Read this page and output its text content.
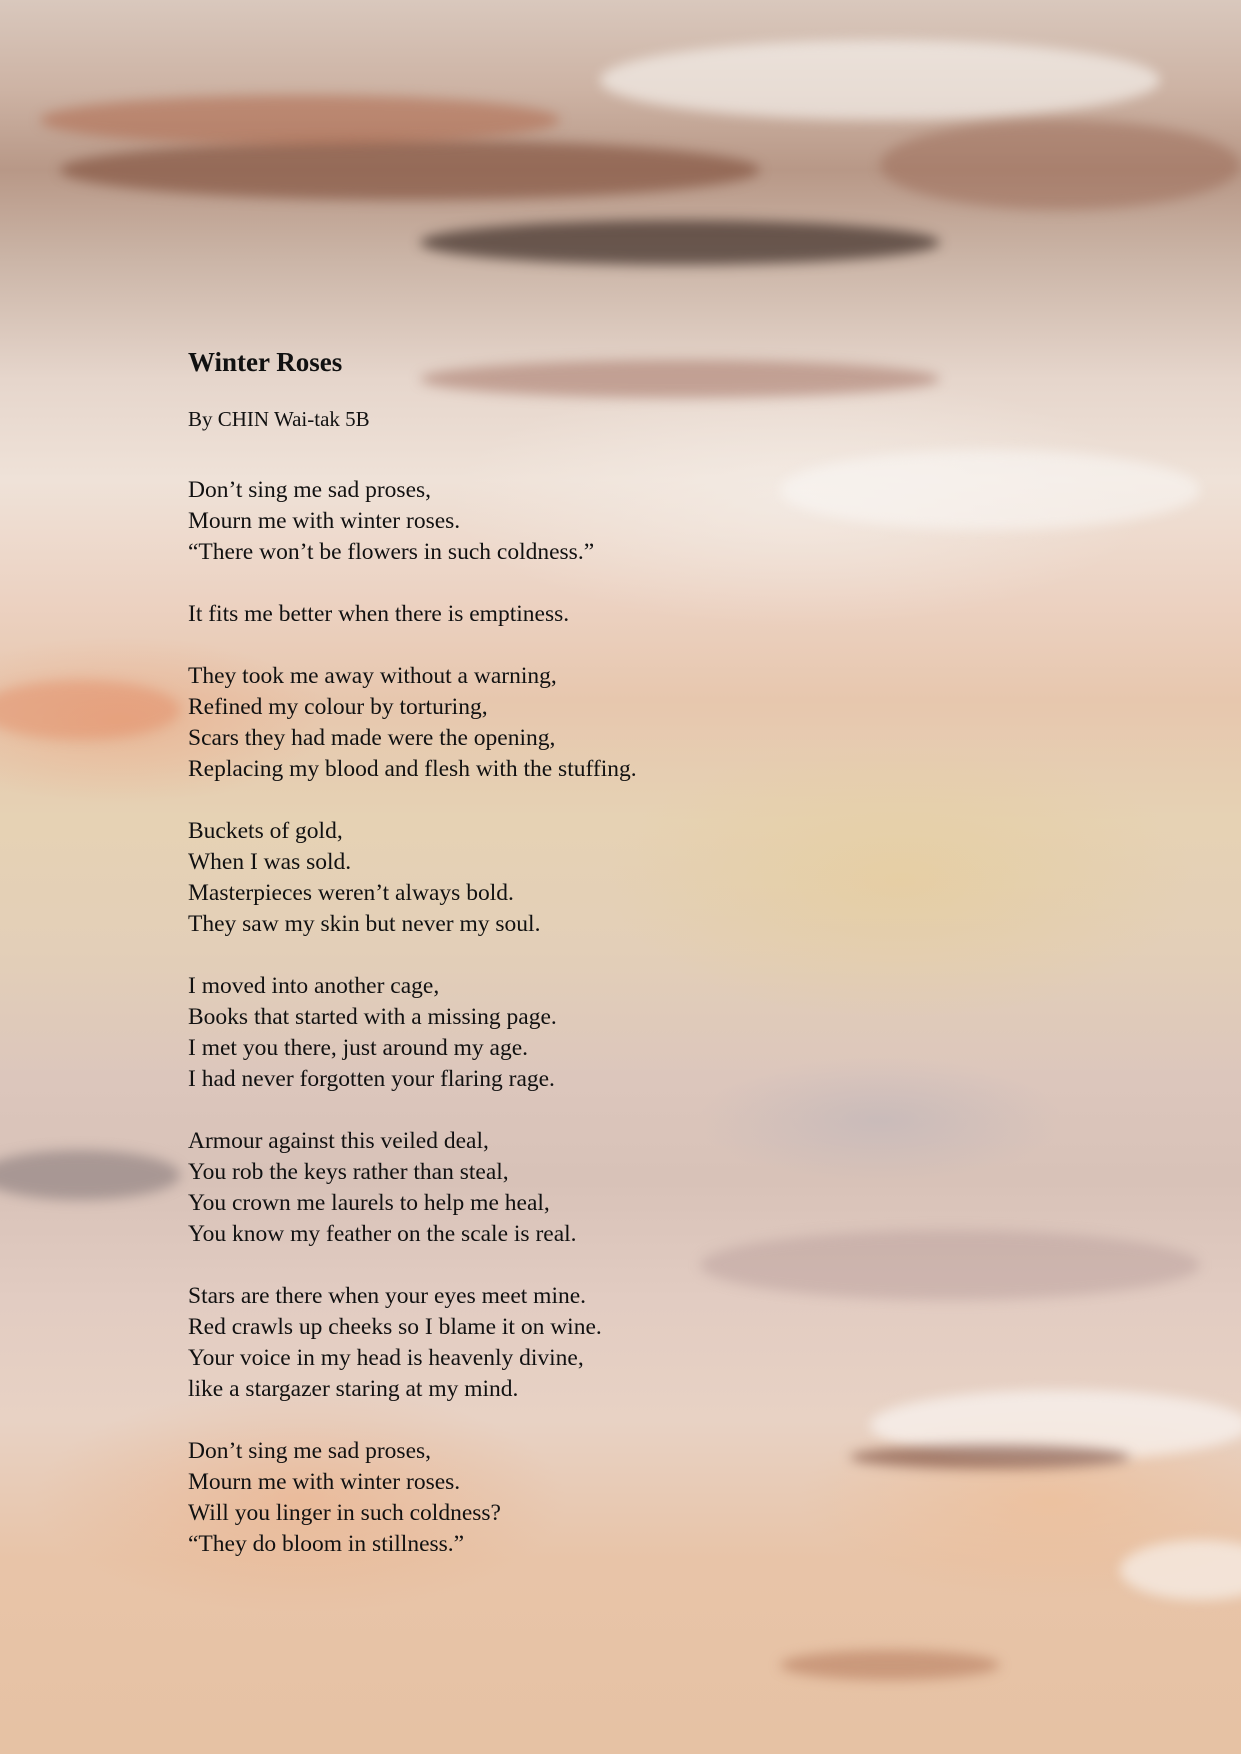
Winter Roses
By CHIN Wai-tak 5B
Don’t sing me sad proses,
Mourn me with winter roses.
“There won’t be flowers in such coldness.”
It fits me better when there is emptiness.
They took me away without a warning,
Refined my colour by torturing,
Scars they had made were the opening,
Replacing my blood and flesh with the stuffing.
Buckets of gold,
When I was sold.
Masterpieces weren’t always bold.
They saw my skin but never my soul.
I moved into another cage,
Books that started with a missing page.
I met you there, just around my age.
I had never forgotten your flaring rage.
Armour against this veiled deal,
You rob the keys rather than steal,
You crown me laurels to help me heal,
You know my feather on the scale is real.
Stars are there when your eyes meet mine.
Red crawls up cheeks so I blame it on wine.
Your voice in my head is heavenly divine,
like a stargazer staring at my mind.
Don’t sing me sad proses,
Mourn me with winter roses.
Will you linger in such coldness?
“They do bloom in stillness.”
